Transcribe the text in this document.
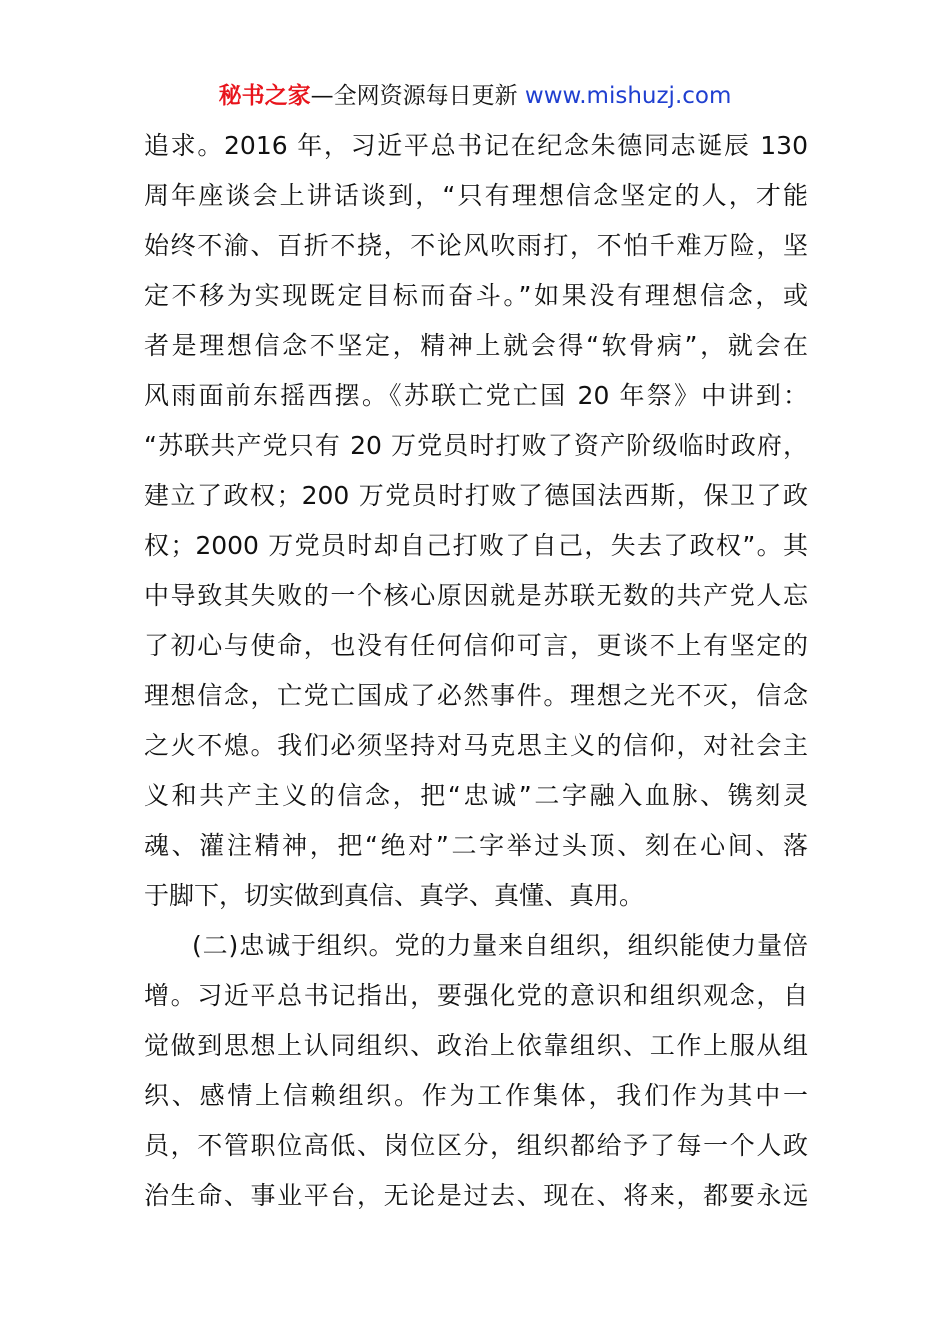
秘书之家—全网资源每日更新 www.mishuzj.com
追求。2016 年，习近平总书记在纪念朱德同志诞辰 130
周年座谈会上讲话谈到，“只有理想信念坚定的人，才能
始终不渝、百折不挠，不论风吹雨打，不怕千难万险，坚
定不移为实现既定目标而奋斗。”如果没有理想信念，或
者是理想信念不坚定，精神上就会得“软骨病”，就会在
风雨面前东摇西摆。《苏联亡党亡国 20 年祭》中讲到：
“苏联共产党只有 20 万党员时打败了资产阶级临时政府，
建立了政权；200 万党员时打败了德国法西斯，保卫了政
权；2000 万党员时却自己打败了自己，失去了政权”。其
中导致其失败的一个核心原因就是苏联无数的共产党人忘
了初心与使命，也没有任何信仰可言，更谈不上有坚定的
理想信念，亡党亡国成了必然事件。理想之光不灭，信念
之火不熄。我们必须坚持对马克思主义的信仰，对社会主
义和共产主义的信念，把“忠诚”二字融入血脉、镌刻灵
魂、灌注精神，把“绝对”二字举过头顶、刻在心间、落
于脚下，切实做到真信、真学、真懂、真用。
(二)忠诚于组织。党的力量来自组织，组织能使力量倍
增。习近平总书记指出，要强化党的意识和组织观念，自
觉做到思想上认同组织、政治上依靠组织、工作上服从组
织、感情上信赖组织。作为工作集体，我们作为其中一
员，不管职位高低、岗位区分，组织都给予了每一个人政
治生命、事业平台，无论是过去、现在、将来，都要永远
